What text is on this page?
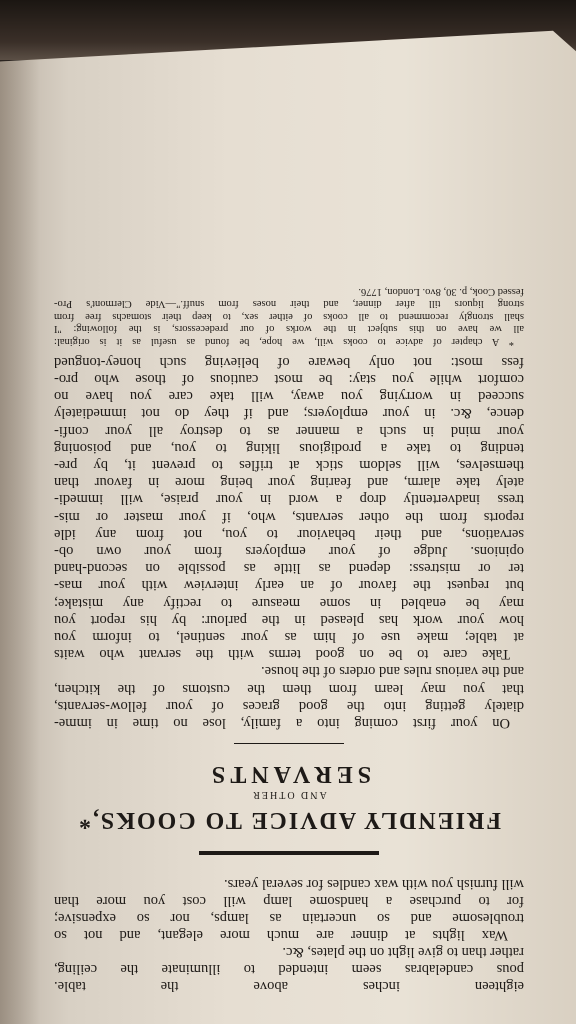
eighteen inches above the table.
pous candelabras seem intended to illuminate the ceiling,
rather than to give light on the plates, &c.
Wax lights at dinner are much more elegant, and not so
troublesome and so uncertain as lamps, nor so expensive;
for to purchase a handsome lamp will cost you more than
will furnish you with wax candles for several years.
FRIENDLY ADVICE TO COOKS,*
AND OTHER
SERVANTS
On your first coming into a family, lose no time in imme-
diately getting into the good graces of your fellow-servants,
that you may learn from them the customs of the kitchen,
and the various rules and orders of the house.
Take care to be on good terms with the servant who waits
at table; make use of him as your sentinel, to inform you
how your work has pleased in the parlour: by his report you
may be enabled in some measure to rectify any mistake;
but request the favour of an early interview with your mas-
ter or mistress: depend as little as possible on second-hand
opinions. Judge of your employers from your own ob-
servations, and their behaviour to you, not from any idle
reports from the other servants, who, if your master or mis-
tress inadvertently drop a word in your praise, will immedi-
ately take alarm, and fearing your being more in favour than
themselves, will seldom stick at trifles to prevent it, by pre-
tending to take a prodigious liking to you, and poisoning
your mind in such a manner as to destroy all your confi-
dence, &c. in your employers; and if they do not immediately
succeed in worrying you away, will take care you have no
comfort while you stay: be most cautious of those who pro-
fess most: not only beware of believing such honey-tongued
* A chapter of advice to cooks will, we hope, be found as useful as it is original:
all we have on this subject in the works of our predecessors, is the following: "I
shall strongly recommend to all cooks of either sex, to keep their stomachs free from
strong liquors till after dinner, and their noses from snuff."—Vide Clermont's Pro-
fessed Cook, p. 30, 8vo. London, 1776.
